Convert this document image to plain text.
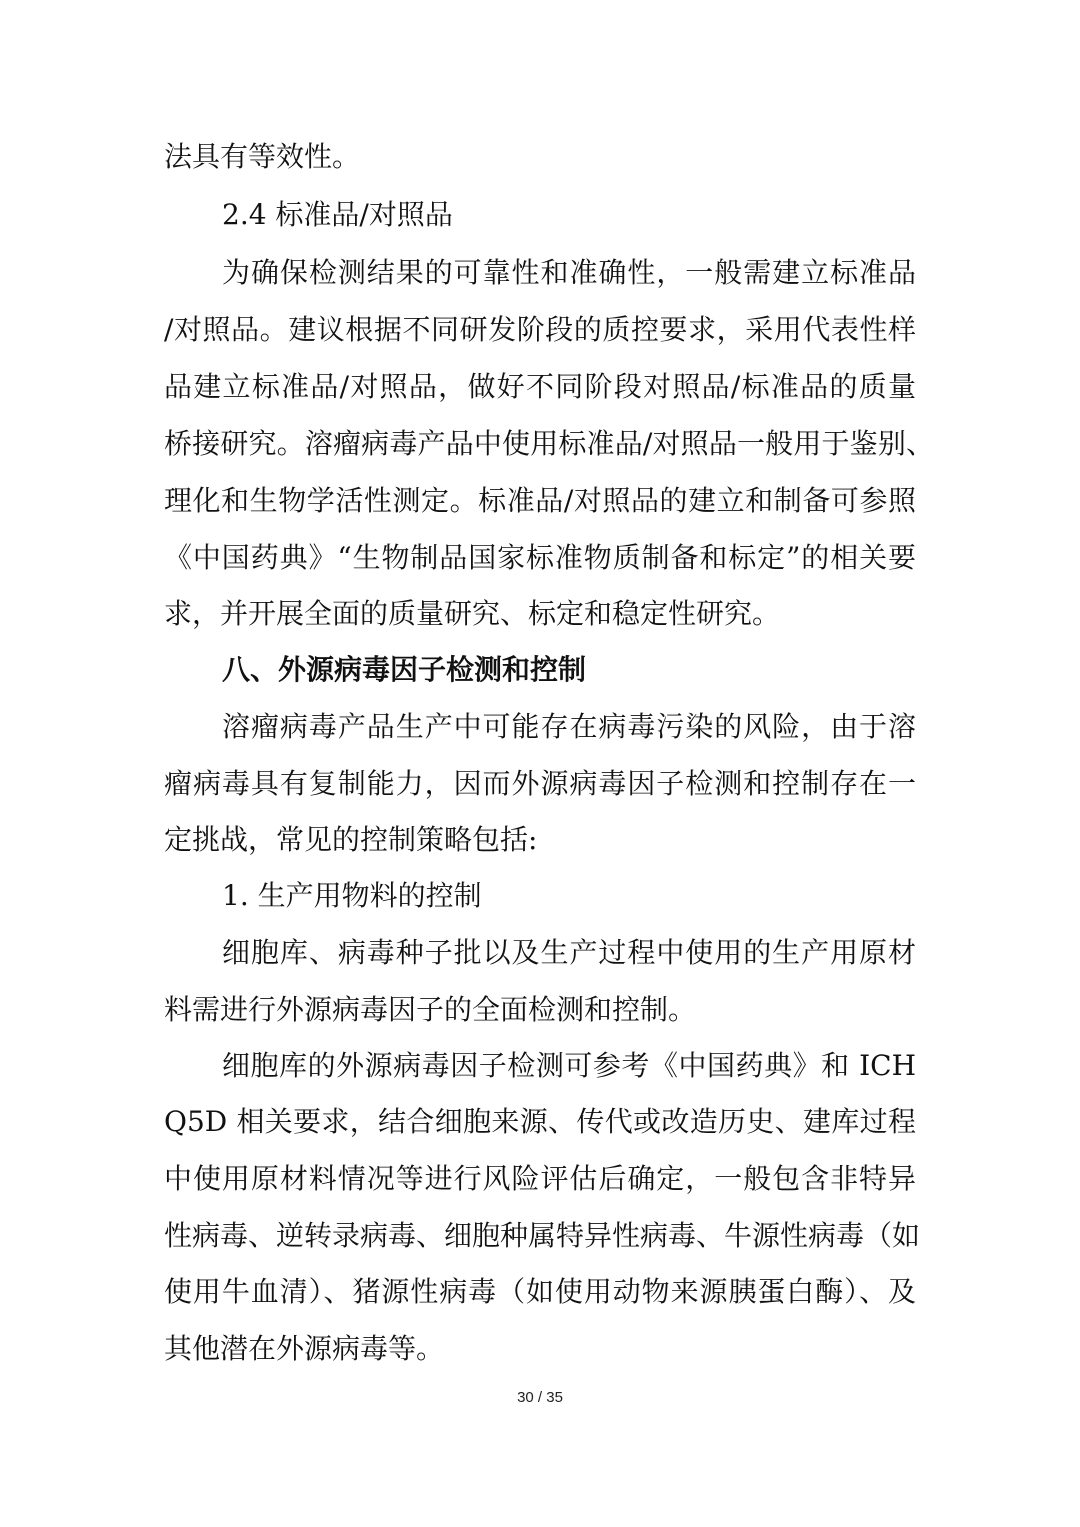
法具有等效性。
2.4 标准品/对照品
为确保检测结果的可靠性和准确性，一般需建立标准品
/对照品。建议根据不同研发阶段的质控要求，采用代表性样
品建立标准品/对照品，做好不同阶段对照品/标准品的质量
桥接研究。溶瘤病毒产品中使用标准品/对照品一般用于鉴别、
理化和生物学活性测定。标准品/对照品的建立和制备可参照
《中国药典》“生物制品国家标准物质制备和标定”的相关要
求，并开展全面的质量研究、标定和稳定性研究。
八、外源病毒因子检测和控制
溶瘤病毒产品生产中可能存在病毒污染的风险，由于溶
瘤病毒具有复制能力，因而外源病毒因子检测和控制存在一
定挑战，常见的控制策略包括:
1. 生产用物料的控制
细胞库、病毒种子批以及生产过程中使用的生产用原材
料需进行外源病毒因子的全面检测和控制。
细胞库的外源病毒因子检测可参考《中国药典》和 ICH
Q5D 相关要求，结合细胞来源、传代或改造历史、建库过程
中使用原材料情况等进行风险评估后确定，一般包含非特异
性病毒、逆转录病毒、细胞种属特异性病毒、牛源性病毒（如
使用牛血清）、猪源性病毒（如使用动物来源胰蛋白酶）、及
其他潜在外源病毒等。
30 / 35
